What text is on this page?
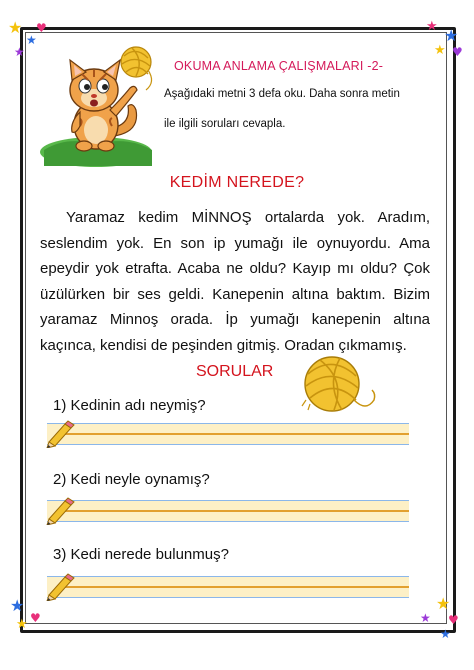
★
★
♥
★
★ ★
★ ♥
★
♥
★
★
★ ♥
★
OKUMA ANLAMA ÇALIŞMALARI -2-
Aşağıdaki metni 3 defa oku. Daha sonra metin
ile ilgili soruları cevapla.
KEDİM NEREDE?
Yaramaz kedim MİNNOŞ ortalarda yok. Aradım, seslendim yok. En son ip yumağı ile oynuyordu. Ama epeydir yok etrafta. Acaba ne oldu? Kayıp mı oldu? Çok üzülürken bir ses geldi. Kanepenin altına baktım. Bizim yaramaz Minnoş orada. İp yumağı kanepenin altına kaçınca, kendisi de peşinden gitmiş. Oradan çıkmamış.
SORULAR
1) Kedinin adı neymiş?
2) Kedi neyle oynamış?
3) Kedi nerede bulunmuş?
